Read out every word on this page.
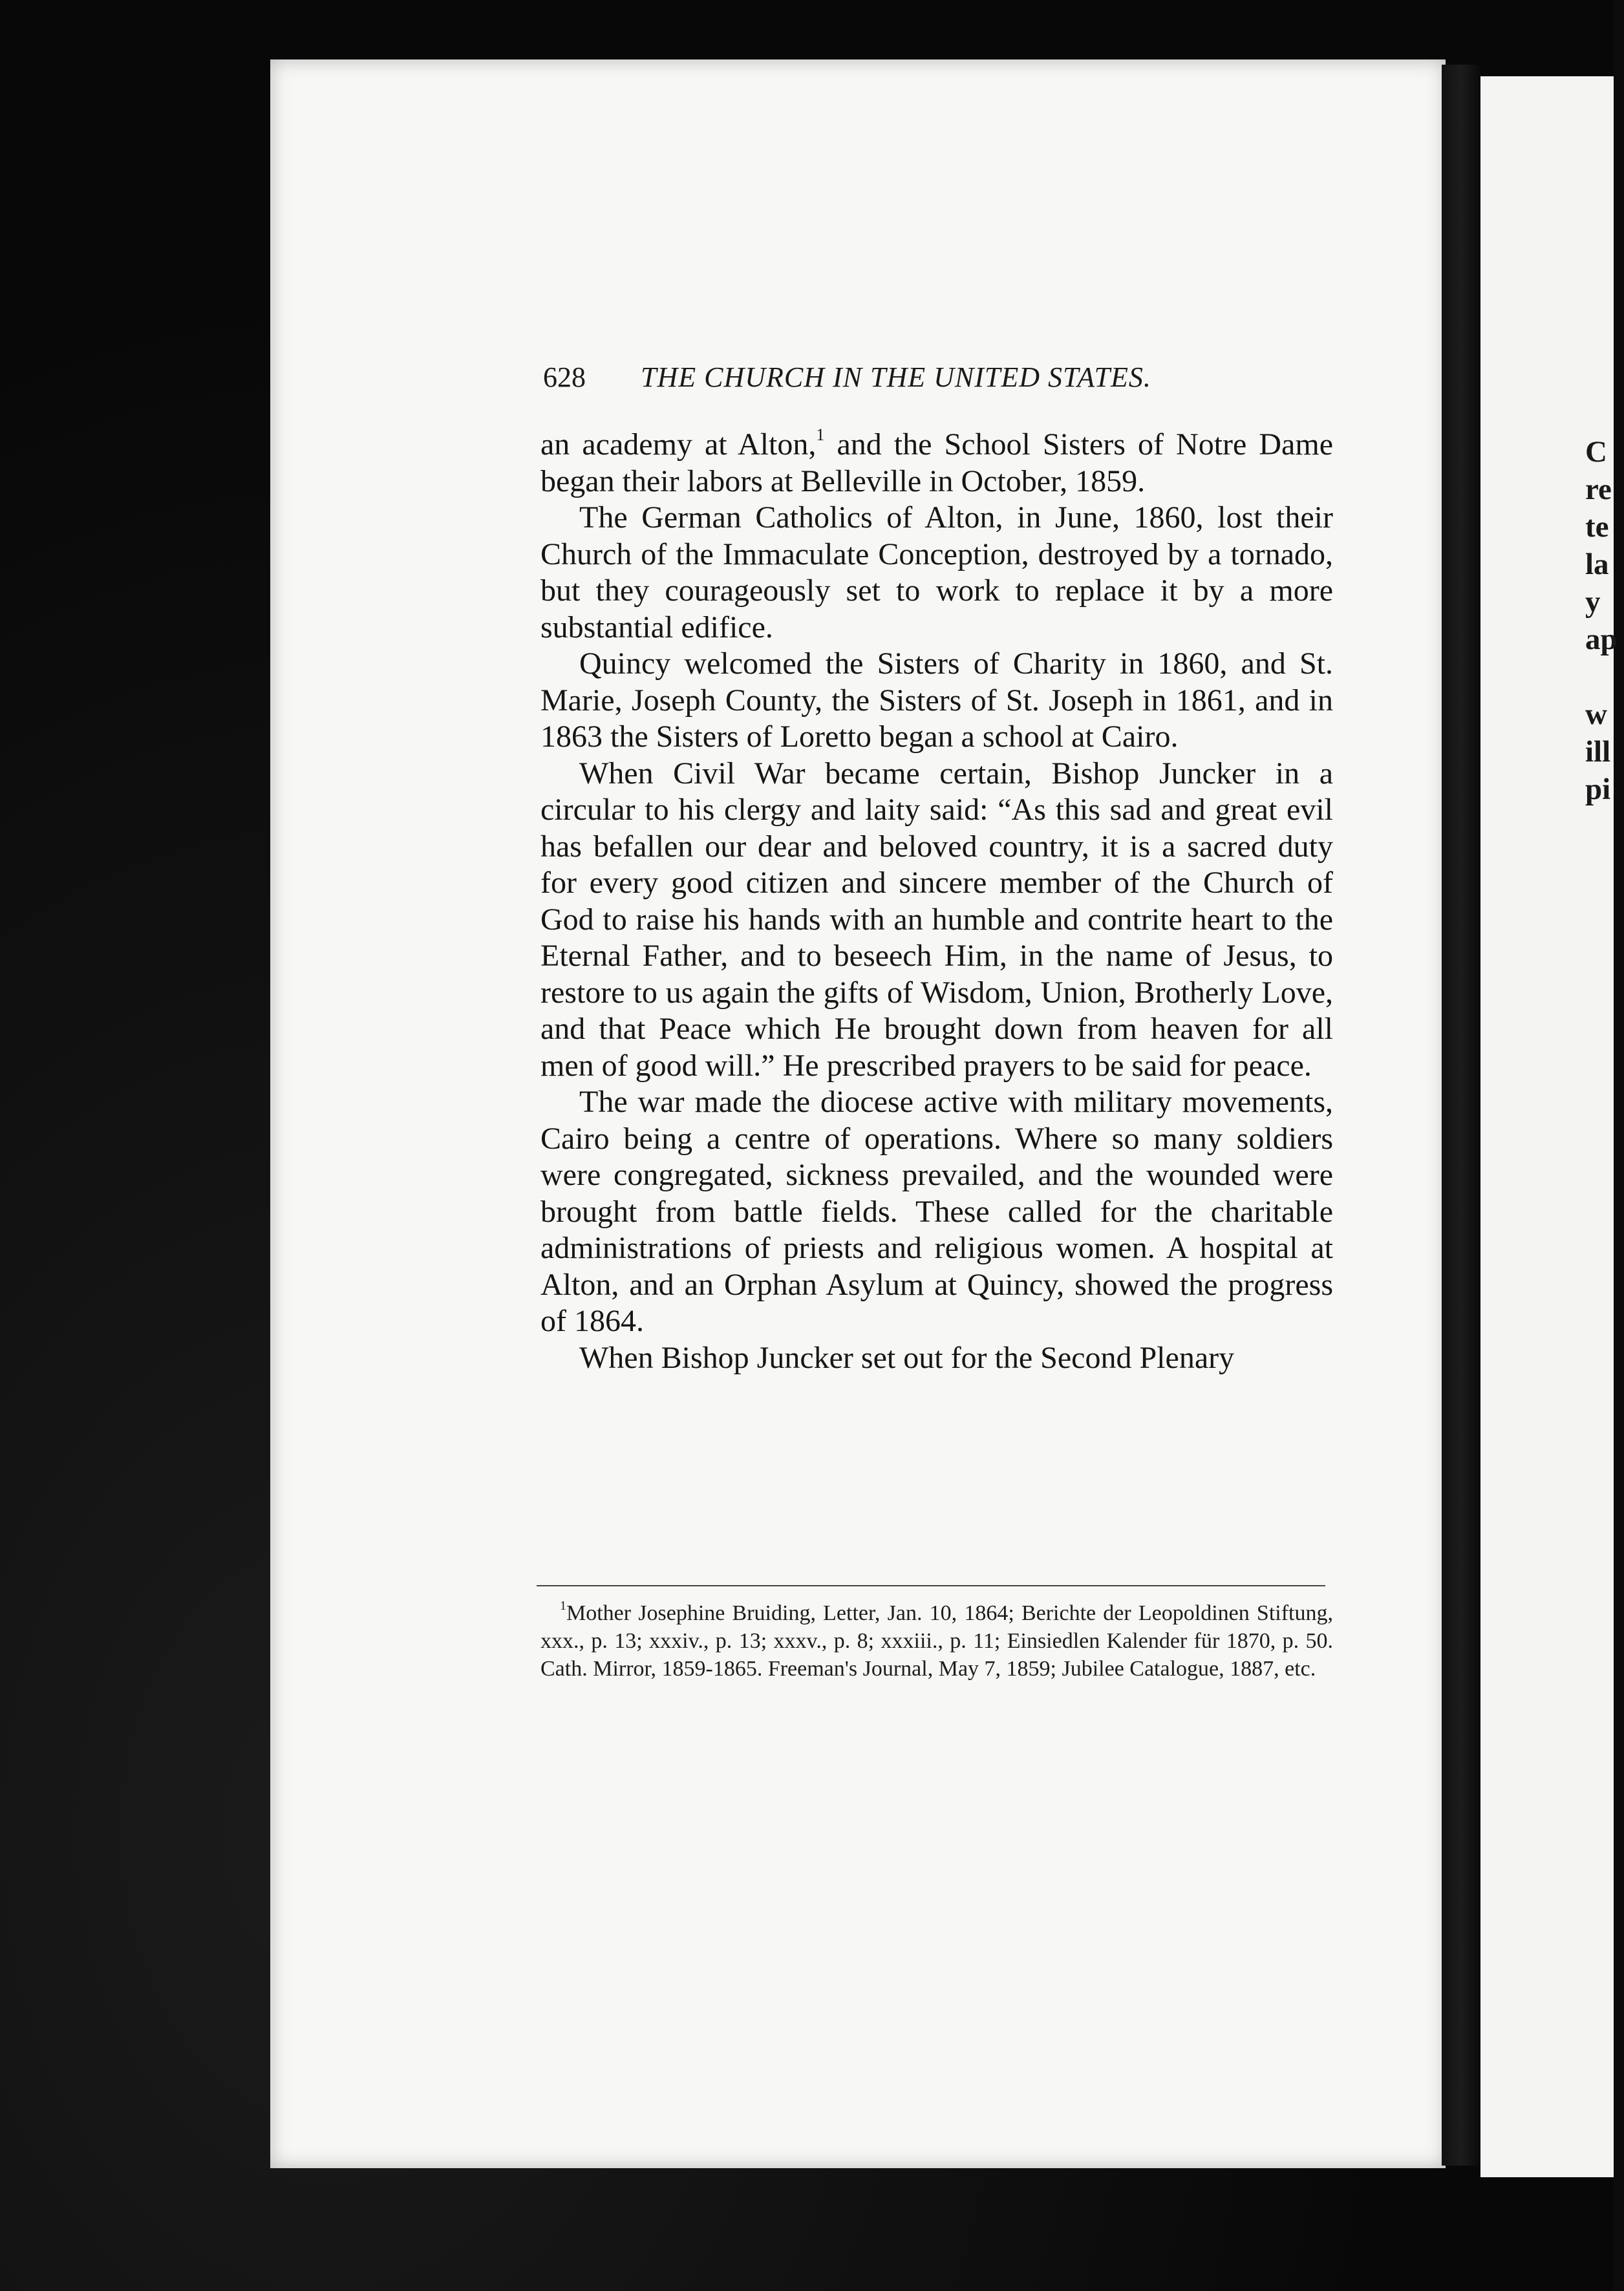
C
re
te
la
y
ap
w
ill
pi
628 THE CHURCH IN THE UNITED STATES.

an academy at Alton,$^1$ and the School Sisters of Notre Dame began their labors at Belleville in October, 1859.

The German Catholics of Alton, in June, 1860, lost their Church of the Immaculate Conception, destroyed by a tornado, but they courageously set to work to replace it by a more substantial edifice.

Quincy welcomed the Sisters of Charity in 1860, and St. Marie, Joseph County, the Sisters of St. Joseph in 1861, and in 1863 the Sisters of Loretto began a school at Cairo.

When Civil War became certain, Bishop Juncker in a circular to his clergy and laity said: “As this sad and great evil has befallen our dear and beloved country, it is a sacred duty for every good citizen and sincere member of the Church of God to raise his hands with an humble and contrite heart to the Eternal Father, and to beseech Him, in the name of Jesus, to restore to us again the gifts of Wisdom, Union, Brotherly Love, and that Peace which He brought down from heaven for all men of good will.” He prescribed prayers to be said for peace.

The war made the diocese active with military movements, Cairo being a centre of operations. Where so many soldiers were congregated, sickness prevailed, and the wounded were brought from battle fields. These called for the charitable administrations of priests and religious women. A hospital at Alton, and an Orphan Asylum at Quincy, showed the progress of 1864.

When Bishop Juncker set out for the Second Plenary

$^1$Mother Josephine Bruiding, Letter, Jan. 10, 1864; Berichte der Leopoldinen Stiftung, xxx., p. 13; xxxiv., p. 13; xxxv., p. 8; xxxiii., p. 11; Einsiedlen Kalender für 1870, p. 50. Cath. Mirror, 1859-1865. Freeman's Journal, May 7, 1859; Jubilee Catalogue, 1887, etc.
